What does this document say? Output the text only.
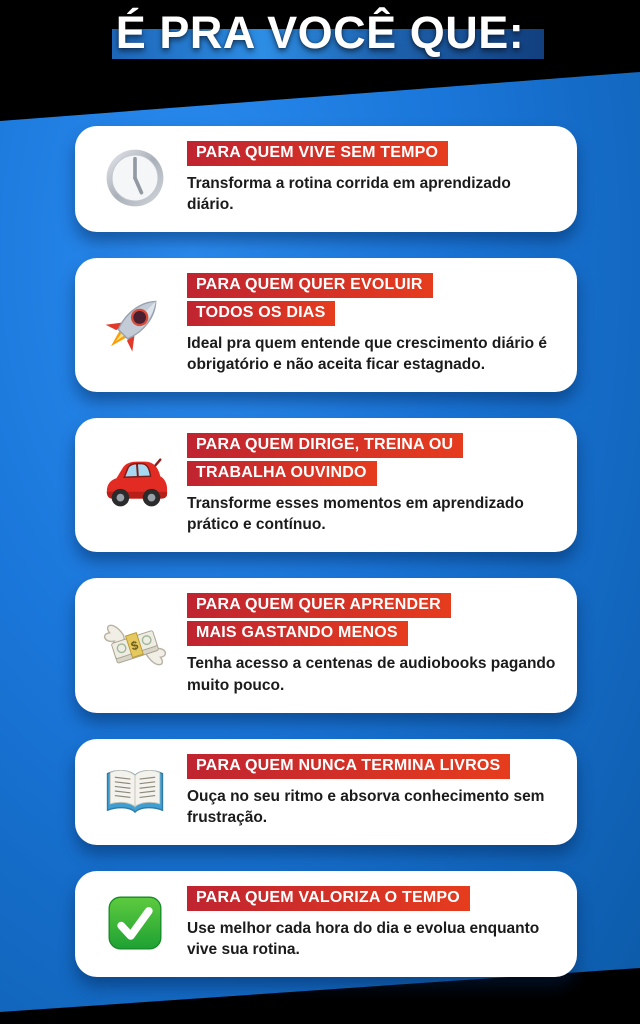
É PRA VOCÊ QUE:
PARA QUEM VIVE SEM TEMPO
Transforma a rotina corrida em aprendizado diário.
PARA QUEM QUER EVOLUIR
TODOS OS DIAS
Ideal pra quem entende que crescimento diário é obrigatório e não aceita ficar estagnado.
PARA QUEM DIRIGE, TREINA OU
TRABALHA OUVINDO
Transforme esses momentos em aprendizado prático e contínuo.
$
PARA QUEM QUER APRENDER
MAIS GASTANDO MENOS
Tenha acesso a centenas de audiobooks pagando muito pouco.
PARA QUEM NUNCA TERMINA LIVROS
Ouça no seu ritmo e absorva conhecimento sem frustração.
PARA QUEM VALORIZA O TEMPO
Use melhor cada hora do dia e evolua enquanto vive sua rotina.
